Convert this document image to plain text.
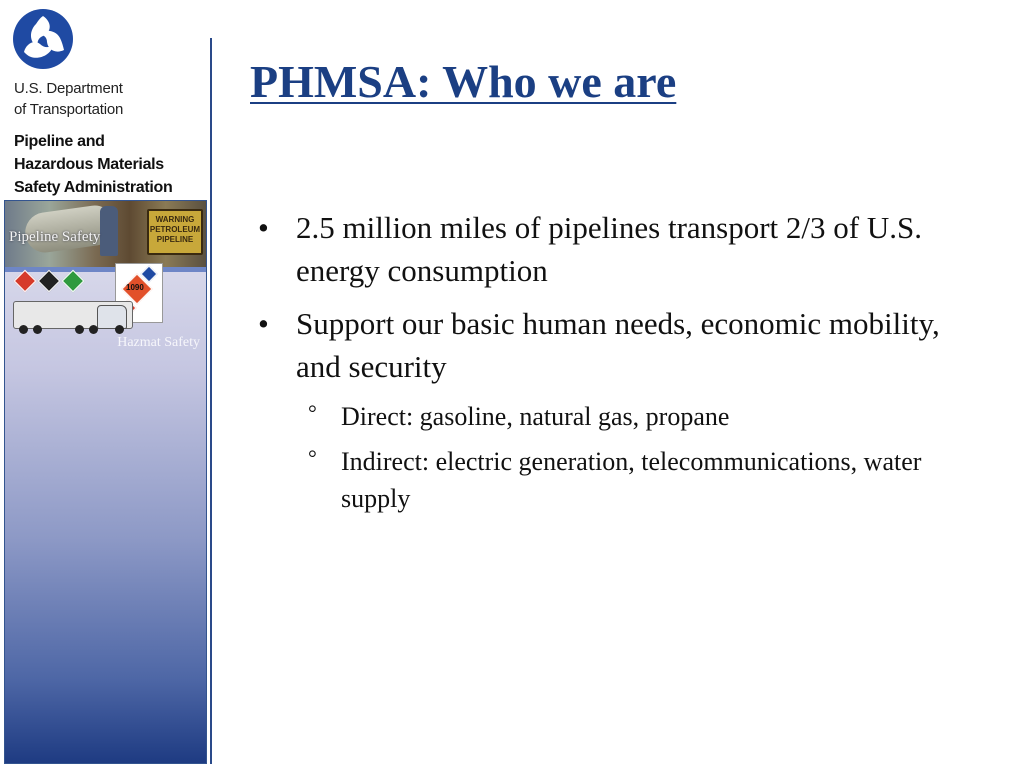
U.S. Department
of Transportation
Pipeline and
Hazardous Materials
Safety Administration
WARNING PETROLEUM PIPELINE
Pipeline Safety
1090
Hazmat Safety
PHMSA: Who we are
• 2.5 million miles of pipelines transport 2/3 of U.S. energy consumption
• Support our basic human needs, economic mobility, and security
° Direct: gasoline, natural gas, propane
° Indirect: electric generation, telecommunications, water supply
